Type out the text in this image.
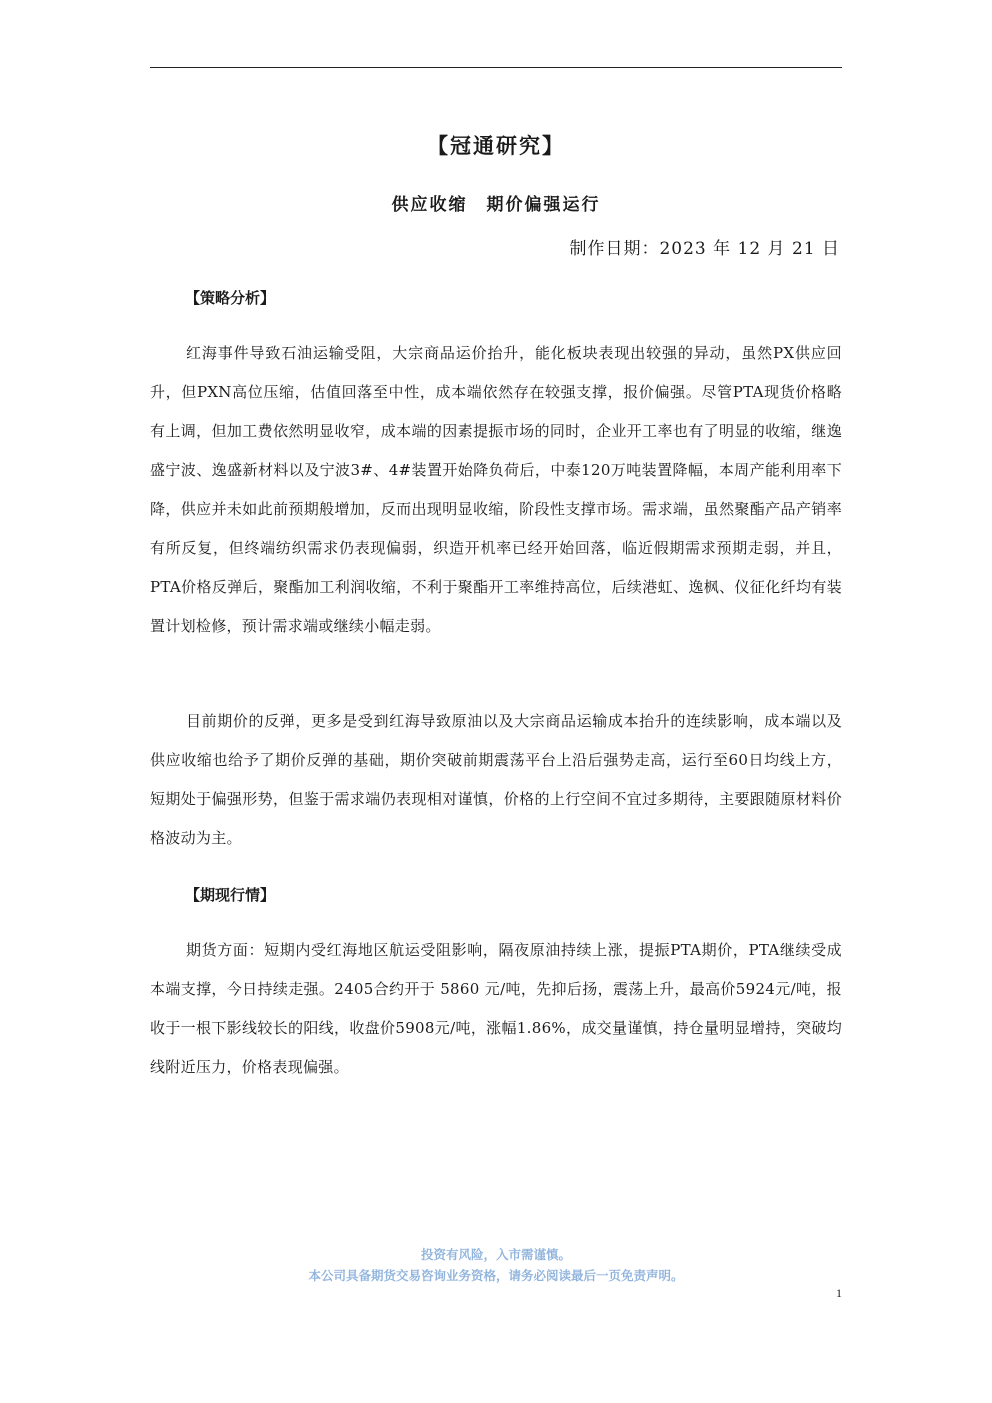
【冠通研究】
供应收缩　期价偏强运行
制作日期：2023 年 12 月 21 日
【策略分析】

红海事件导致石油运输受阻，大宗商品运价抬升，能化板块表现出较强的异动，虽然PX供应回升，但PXN高位压缩，估值回落至中性，成本端依然存在较强支撑，报价偏强。尽管PTA现货价格略有上调，但加工费依然明显收窄，成本端的因素提振市场的同时，企业开工率也有了明显的收缩，继逸盛宁波、逸盛新材料以及宁波3#、4#装置开始降负荷后，中泰120万吨装置降幅，本周产能利用率下降，供应并未如此前预期般增加，反而出现明显收缩，阶段性支撑市场。需求端，虽然聚酯产品产销率有所反复，但终端纺织需求仍表现偏弱，织造开机率已经开始回落，临近假期需求预期走弱，并且，PTA价格反弹后，聚酯加工利润收缩，不利于聚酯开工率维持高位，后续港虹、逸枫、仪征化纤均有装置计划检修，预计需求端或继续小幅走弱。

目前期价的反弹，更多是受到红海导致原油以及大宗商品运输成本抬升的连续影响，成本端以及供应收缩也给予了期价反弹的基础，期价突破前期震荡平台上沿后强势走高，运行至60日均线上方，短期处于偏强形势，但鉴于需求端仍表现相对谨慎，价格的上行空间不宜过多期待，主要跟随原材料价格波动为主。

【期现行情】

期货方面：短期内受红海地区航运受阻影响，隔夜原油持续上涨，提振PTA期价，PTA继续受成本端支撑，今日持续走强。2405合约开于 5860 元/吨，先抑后扬，震荡上升，最高价5924元/吨，报收于一根下影线较长的阳线，收盘价5908元/吨，涨幅1.86%，成交量谨慎，持仓量明显增持，突破均线附近压力，价格表现偏强。

投资有风险，入市需谨慎。
本公司具备期货交易咨询业务资格，请务必阅读最后一页免责声明。
1
